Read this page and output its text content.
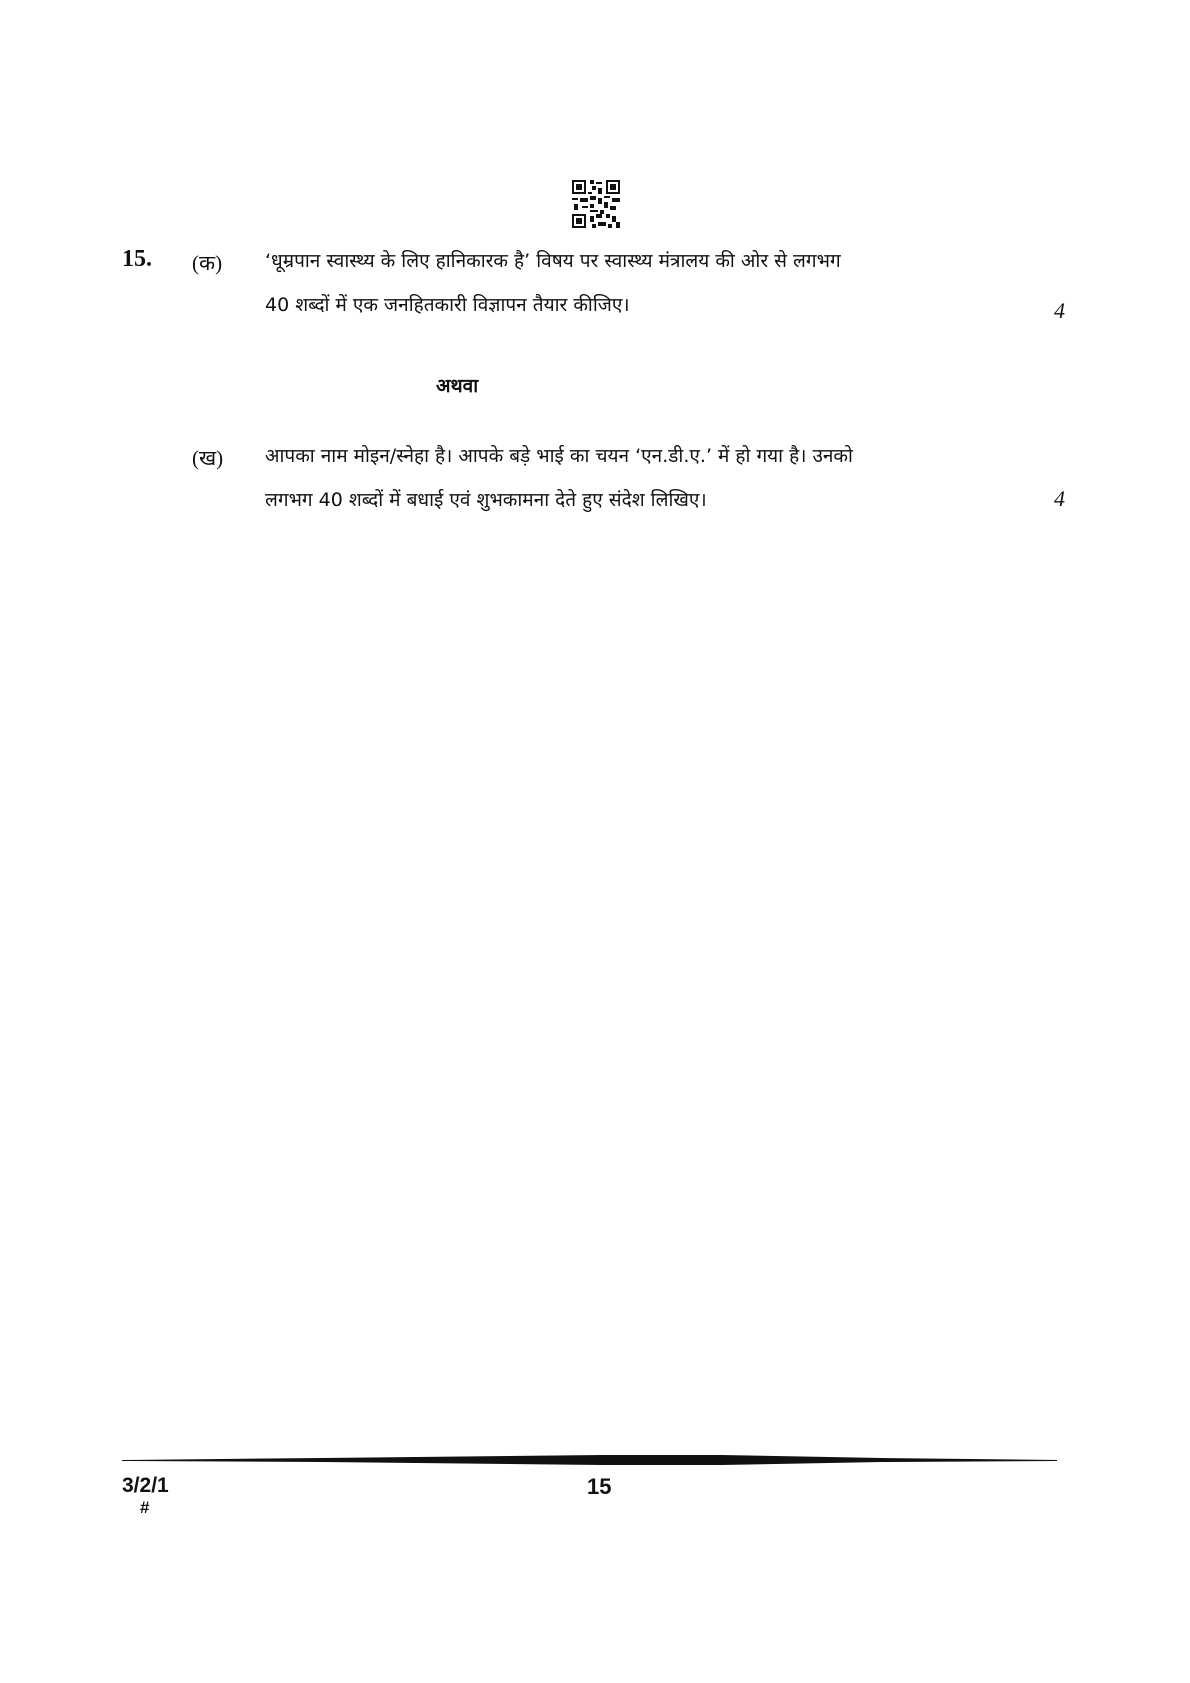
15. (क) ‘धूम्रपान स्वास्थ्य के लिए हानिकारक है’ विषय पर स्वास्थ्य मंत्रालय की ओर से लगभग
40 शब्दों में एक जनहितकारी विज्ञापन तैयार कीजिए।	4
अथवा
(ख) आपका नाम मोइन/स्नेहा है। आपके बड़े भाई का चयन ‘एन.डी.ए.’ में हो गया है। उनको
लगभग 40 शब्दों में बधाई एवं शुभकामना देते हुए संदेश लिखिए।	4
3/2/1
#
15
